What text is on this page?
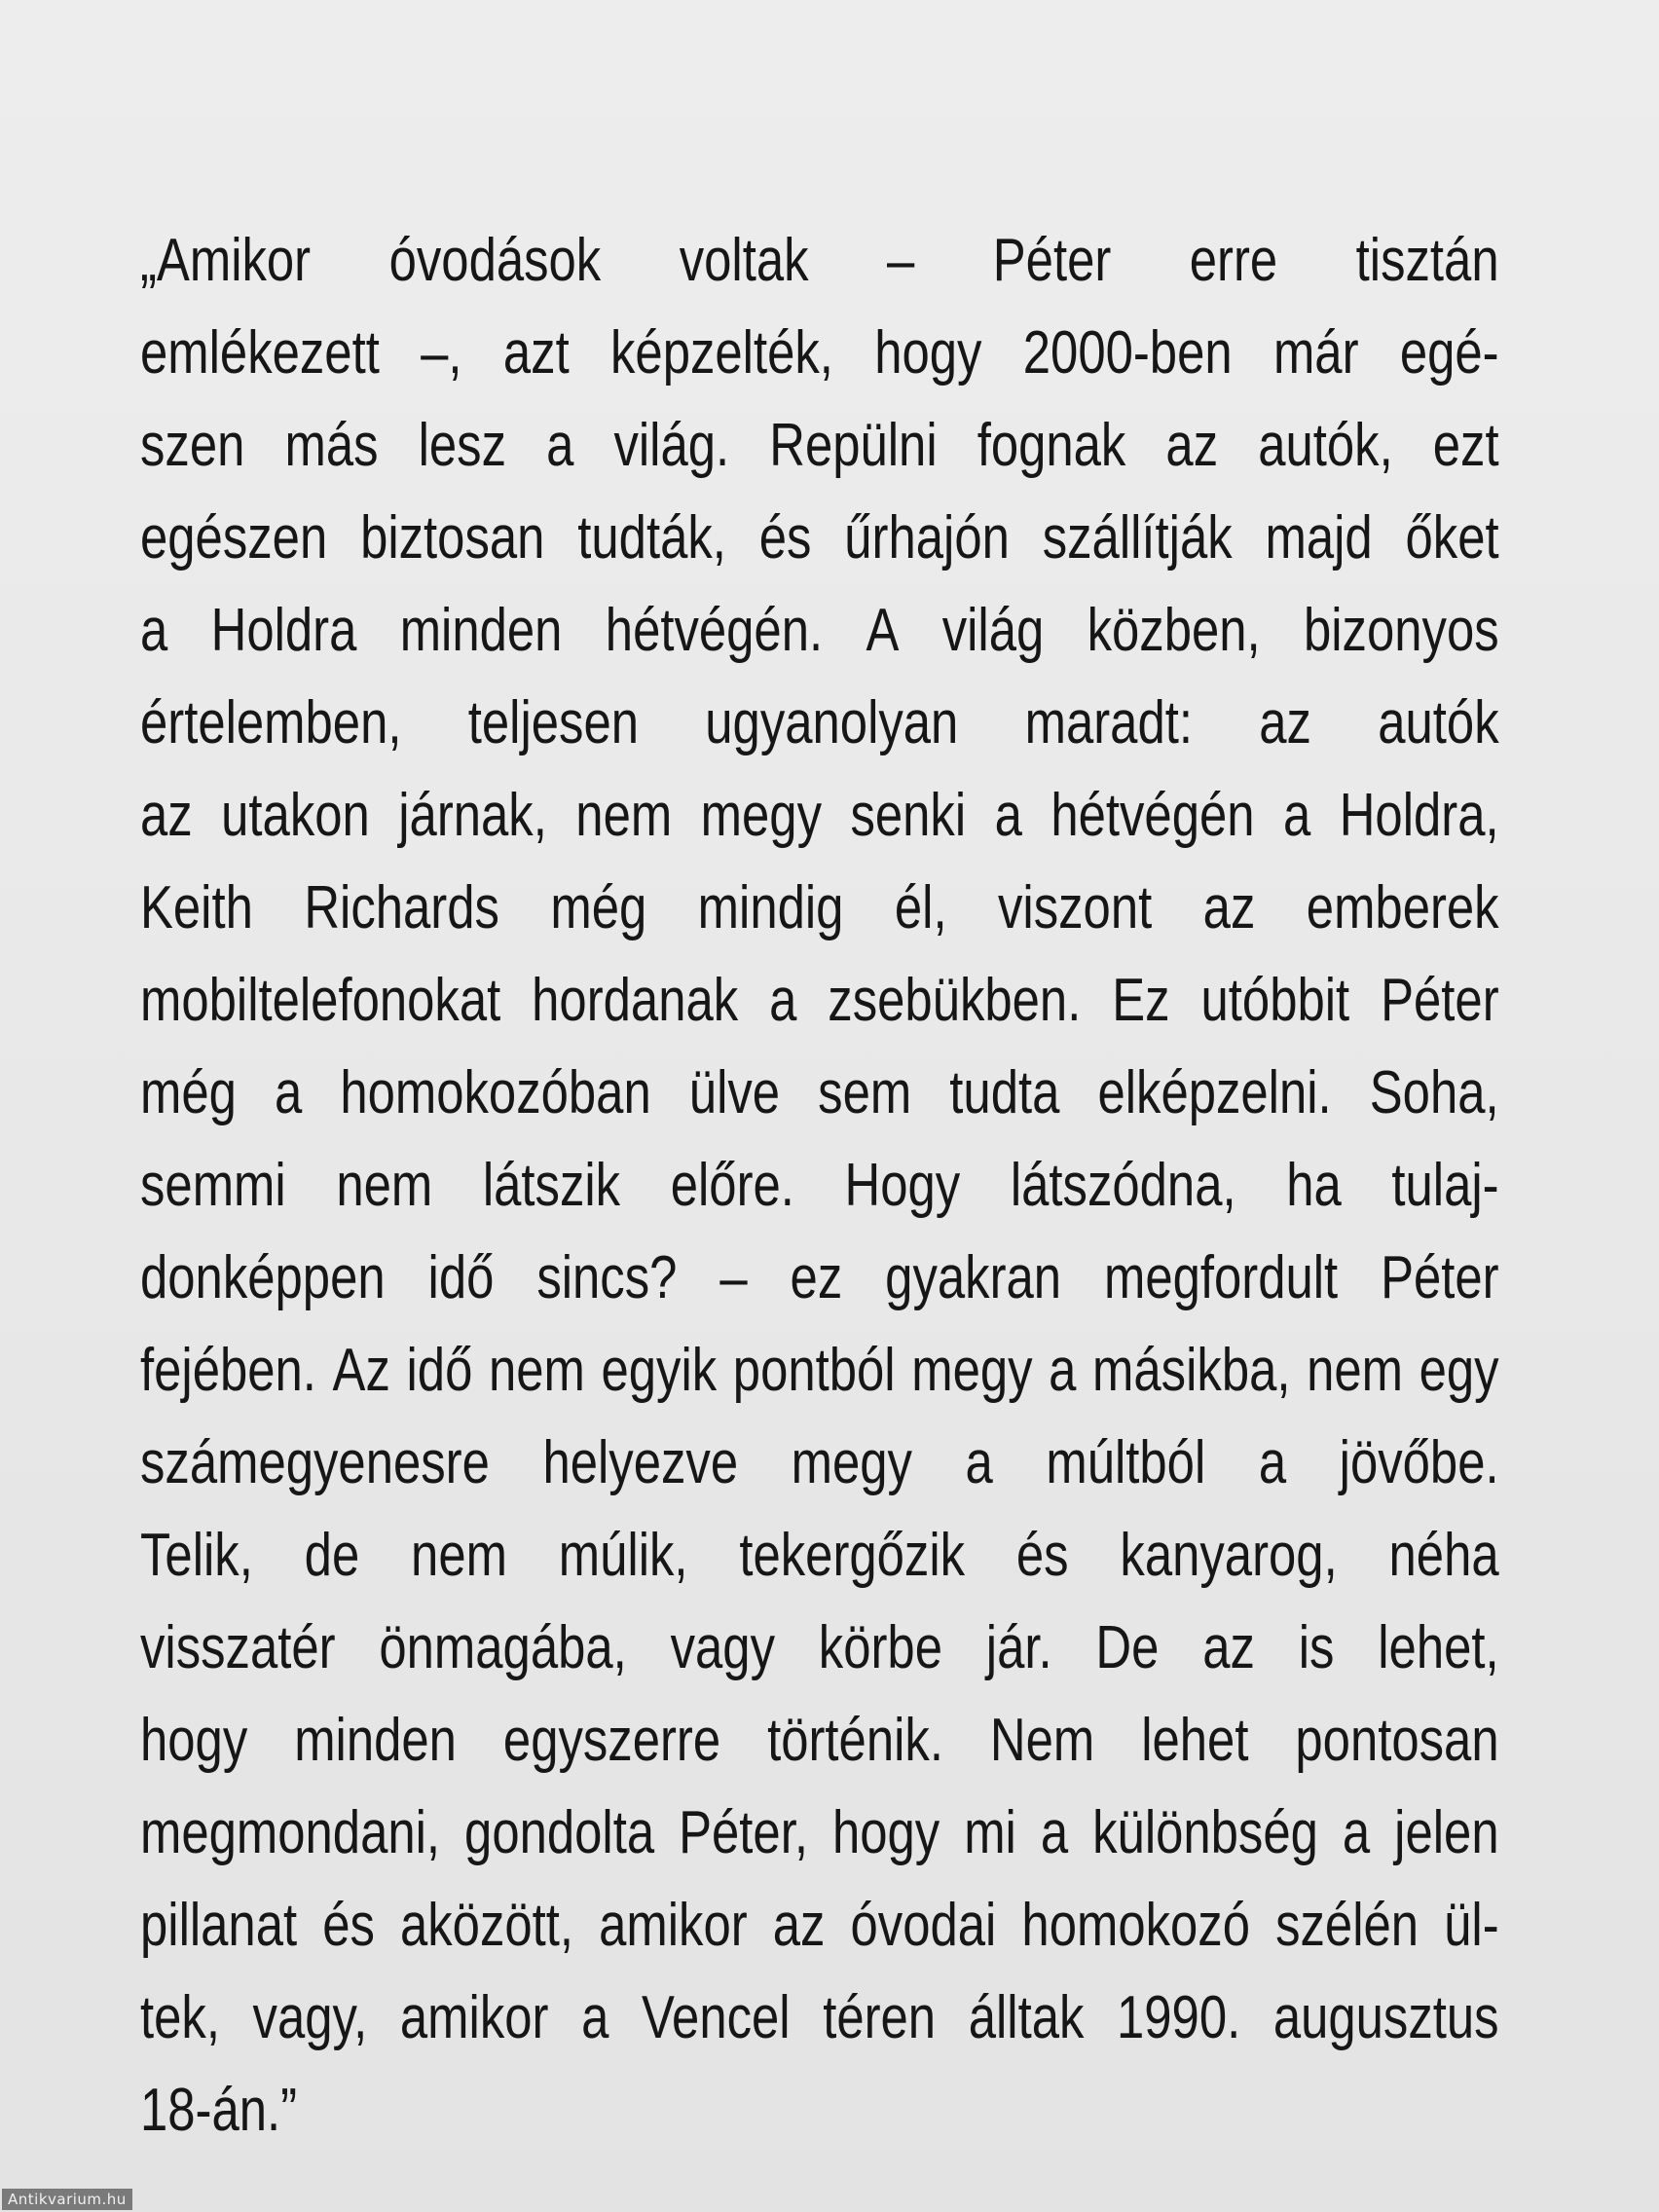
„Amikor óvodások voltak – Péter erre tisztán
emlékezett –, azt képzelték, hogy 2000-ben már egé-
szen más lesz a világ. Repülni fognak az autók, ezt
egészen biztosan tudták, és űrhajón szállítják majd őket
a Holdra minden hétvégén. A világ közben, bizonyos
értelemben, teljesen ugyanolyan maradt: az autók
az utakon járnak, nem megy senki a hétvégén a Holdra,
Keith Richards még mindig él, viszont az emberek
mobiltelefonokat hordanak a zsebükben. Ez utóbbit Péter
még a homokozóban ülve sem tudta elképzelni. Soha,
semmi nem látszik előre. Hogy látszódna, ha tulaj-
donképpen idő sincs? – ez gyakran megfordult Péter
fejében. Az idő nem egyik pontból megy a másikba, nem egy
számegyenesre helyezve megy a múltból a jövőbe.
Telik, de nem múlik, tekergőzik és kanyarog, néha
visszatér önmagába, vagy körbe jár. De az is lehet,
hogy minden egyszerre történik. Nem lehet pontosan
megmondani, gondolta Péter, hogy mi a különbség a jelen
pillanat és aközött, amikor az óvodai homokozó szélén ül-
tek, vagy, amikor a Vencel téren álltak 1990. augusztus
18-án.”
Antikvarium.hu
